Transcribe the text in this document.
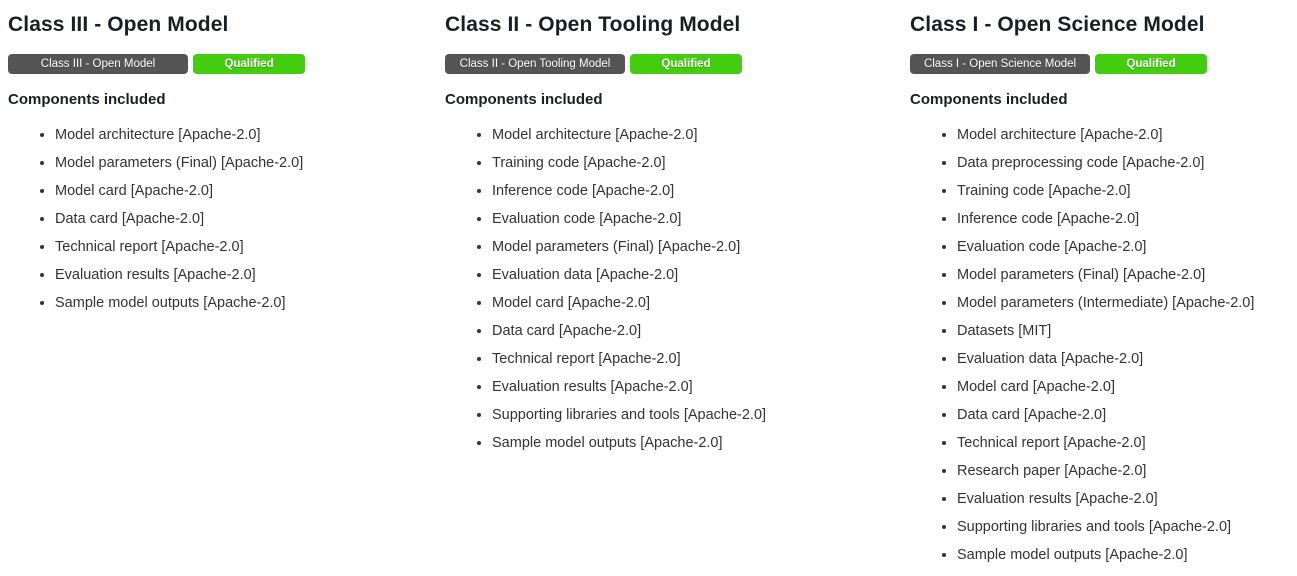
Class III - Open Model
Class III - Open Model	Qualified
Components included
• Model architecture [Apache-2.0]
• Model parameters (Final) [Apache-2.0]
• Model card [Apache-2.0]
• Data card [Apache-2.0]
• Technical report [Apache-2.0]
• Evaluation results [Apache-2.0]
• Sample model outputs [Apache-2.0]
Class II - Open Tooling Model
Class II - Open Tooling Model	Qualified
Components included
• Model architecture [Apache-2.0]
• Training code [Apache-2.0]
• Inference code [Apache-2.0]
• Evaluation code [Apache-2.0]
• Model parameters (Final) [Apache-2.0]
• Evaluation data [Apache-2.0]
• Model card [Apache-2.0]
• Data card [Apache-2.0]
• Technical report [Apache-2.0]
• Evaluation results [Apache-2.0]
• Supporting libraries and tools [Apache-2.0]
• Sample model outputs [Apache-2.0]
Class I - Open Science Model
Class I - Open Science Model	Qualified
Components included
• Model architecture [Apache-2.0]
• Data preprocessing code [Apache-2.0]
• Training code [Apache-2.0]
• Inference code [Apache-2.0]
• Evaluation code [Apache-2.0]
• Model parameters (Final) [Apache-2.0]
• Model parameters (Intermediate) [Apache-2.0]
• Datasets [MIT]
• Evaluation data [Apache-2.0]
• Model card [Apache-2.0]
• Data card [Apache-2.0]
• Technical report [Apache-2.0]
• Research paper [Apache-2.0]
• Evaluation results [Apache-2.0]
• Supporting libraries and tools [Apache-2.0]
• Sample model outputs [Apache-2.0]
